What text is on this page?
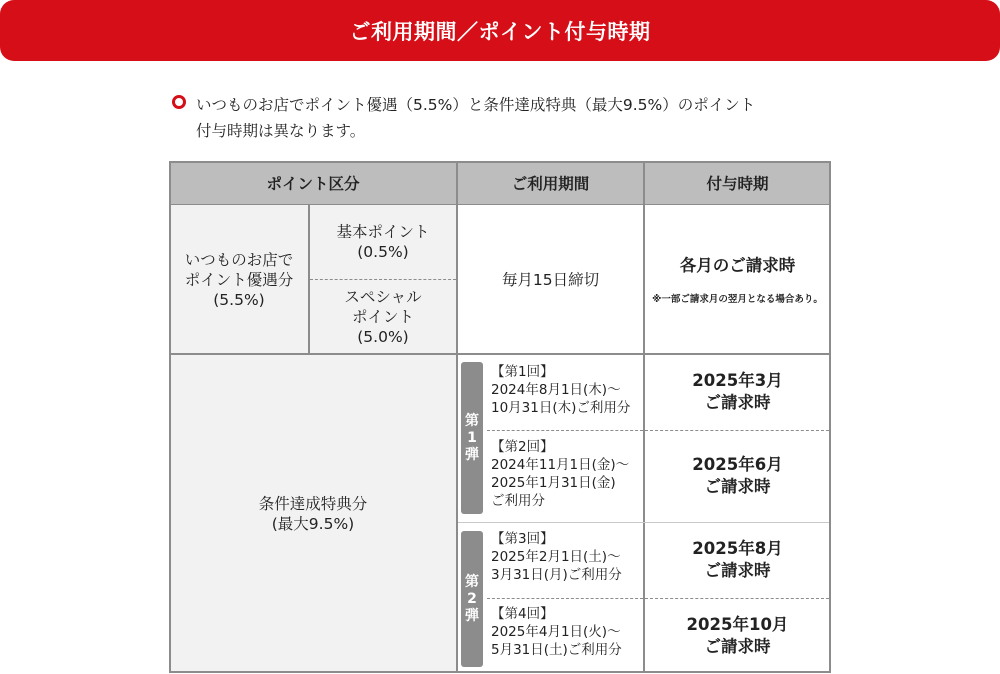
ご利用期間／ポイント付与時期
いつものお店でポイント優遇（5.5%）と条件達成特典（最大9.5%）のポイント
付与時期は異なります。
ポイント区分	ご利用期間	付与時期
いつものお店で
ポイント優遇分
(5.5%)
基本ポイント
(0.5%)
スペシャル
ポイント
(5.0%)
毎月15日締切
各月のご請求時
※一部ご請求月の翌月となる場合あり。
条件達成特典分
(最大9.5%)
第
1
弾
第
2
弾
【第1回】
2024年8月1日(木)～
10月31日(木)ご利用分
【第2回】
2024年11月1日(金)～
2025年1月31日(金)
ご利用分
【第3回】
2025年2月1日(土)～
3月31日(月)ご利用分
【第4回】
2025年4月1日(火)～
5月31日(土)ご利用分
2025年3月
ご請求時
2025年6月
ご請求時
2025年8月
ご請求時
2025年10月
ご請求時
